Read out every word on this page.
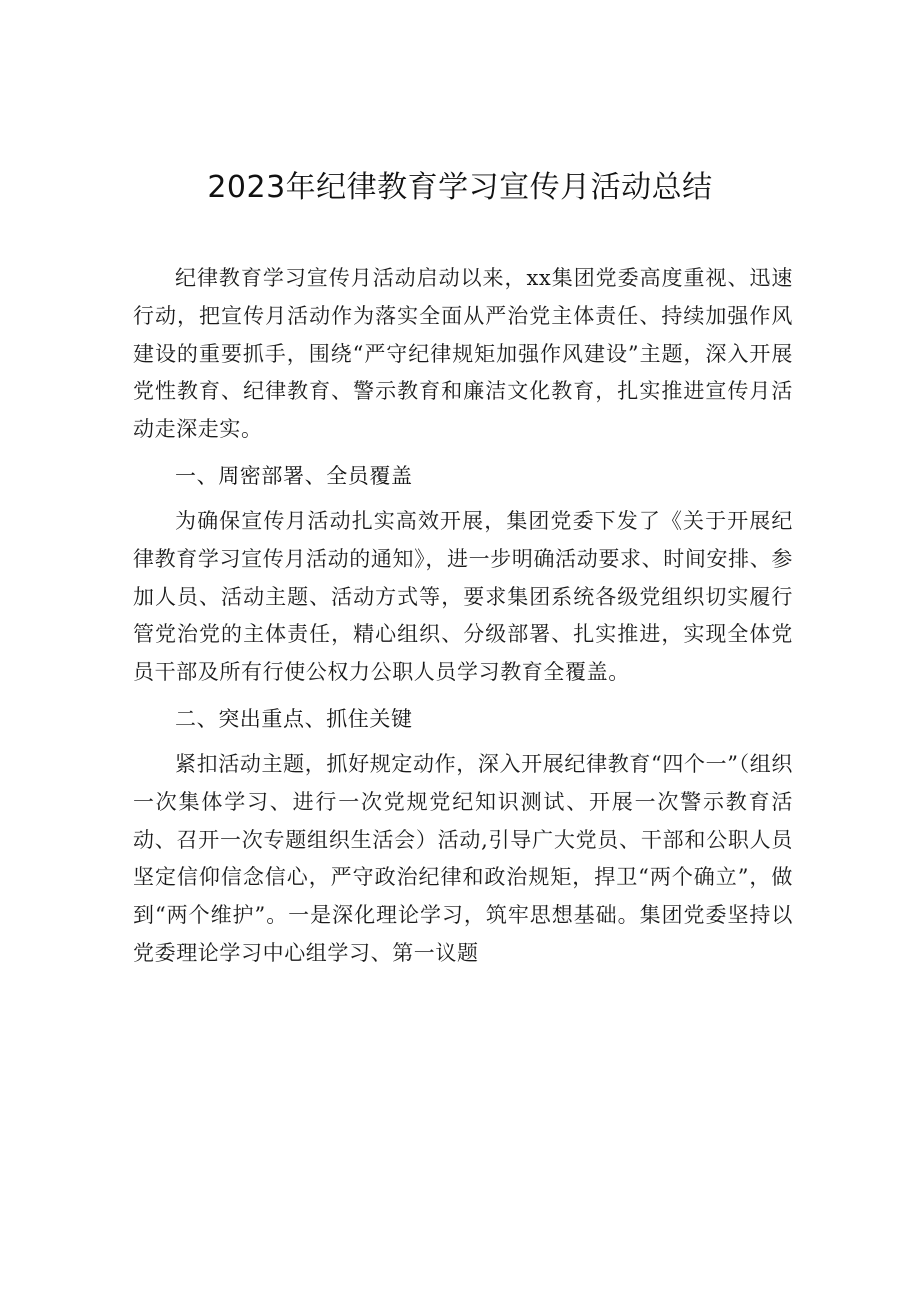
2023年纪律教育学习宣传月活动总结

纪律教育学习宣传月活动启动以来，xx集团党委高度重视、迅速行动，把宣传月活动作为落实全面从严治党主体责任、持续加强作风建设的重要抓手，围绕“严守纪律规矩加强作风建设”主题，深入开展党性教育、纪律教育、警示教育和廉洁文化教育，扎实推进宣传月活动走深走实。

一、周密部署、全员覆盖

为确保宣传月活动扎实高效开展，集团党委下发了《关于开展纪律教育学习宣传月活动的通知》，进一步明确活动要求、时间安排、参加人员、活动主题、活动方式等，要求集团系统各级党组织切实履行管党治党的主体责任，精心组织、分级部署、扎实推进，实现全体党员干部及所有行使公权力公职人员学习教育全覆盖。

二、突出重点、抓住关键

紧扣活动主题，抓好规定动作，深入开展纪律教育“四个一”（组织一次集体学习、进行一次党规党纪知识测试、开展一次警示教育活动、召开一次专题组织生活会）活动,引导广大党员、干部和公职人员坚定信仰信念信心，严守政治纪律和政治规矩，捍卫“两个确立”，做到“两个维护”。一是深化理论学习，筑牢思想基础。集团党委坚持以党委理论学习中心组学习、第一议题
